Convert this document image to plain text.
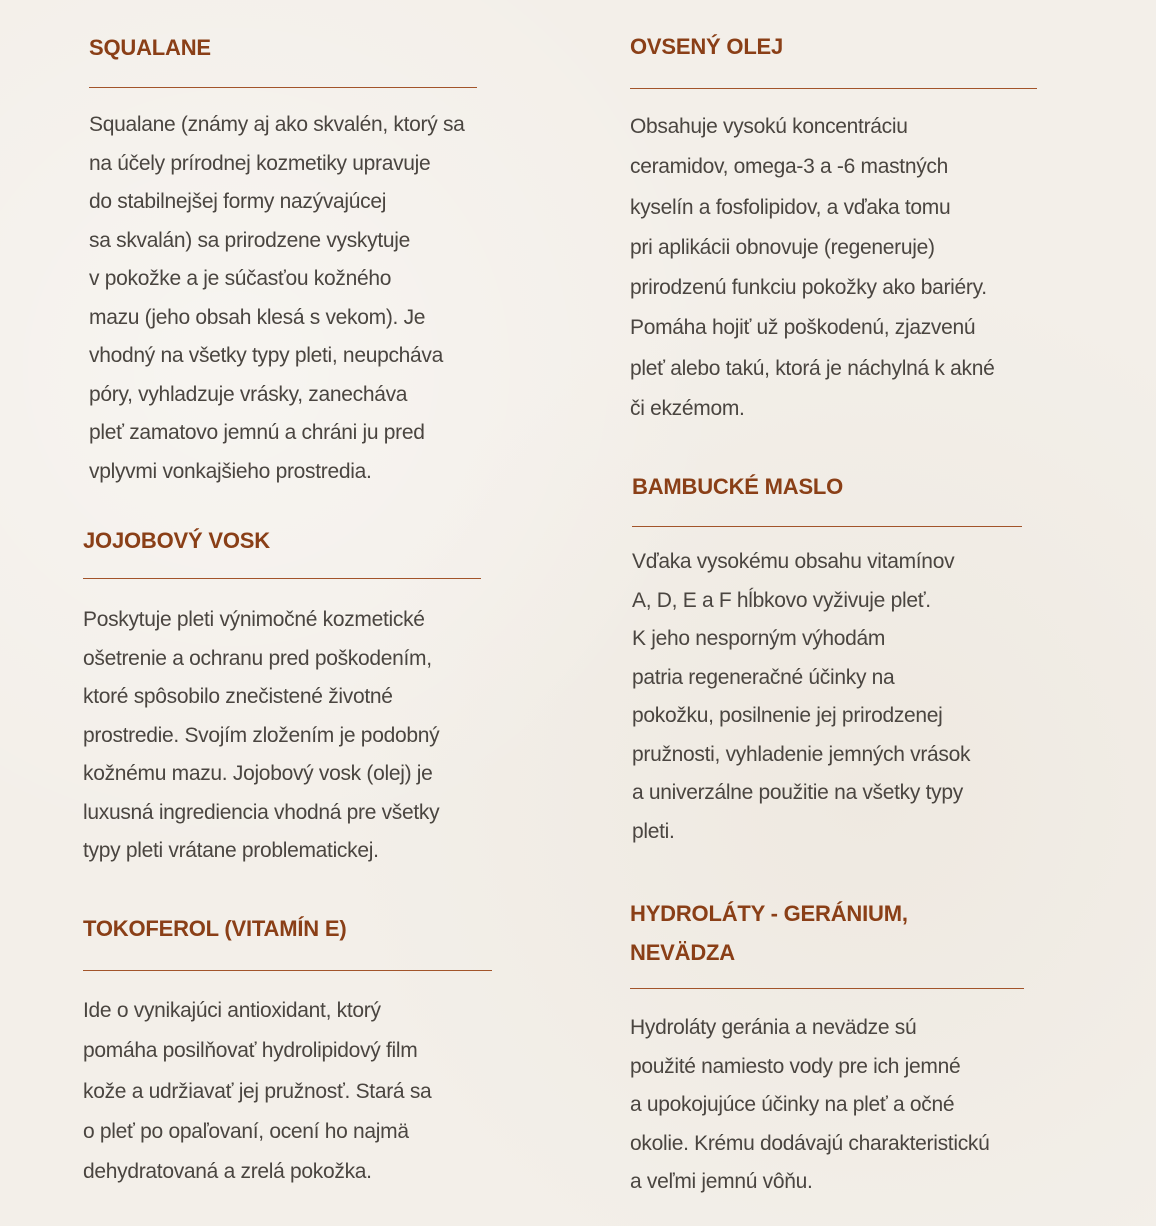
SQUALANE

Squalane (známy aj ako skvalén, ktorý sa
na účely prírodnej kozmetiky upravuje
do stabilnejšej formy nazývajúcej
sa skvalán) sa prirodzene vyskytuje
v pokožke a je súčasťou kožného
mazu (jeho obsah klesá s vekom). Je
vhodný na všetky typy pleti, neupcháva
póry, vyhladzuje vrásky, zanecháva
pleť zamatovo jemnú a chráni ju pred
vplyvmi vonkajšieho prostredia.

JOJOBOVÝ VOSK

Poskytuje pleti výnimočné kozmetické
ošetrenie a ochranu pred poškodením,
ktoré spôsobilo znečistené životné
prostredie. Svojím zložením je podobný
kožnému mazu. Jojobový vosk (olej) je
luxusná ingrediencia vhodná pre všetky
typy pleti vrátane problematickej.

TOKOFEROL (VITAMÍN E)

Ide o vynikajúci antioxidant, ktorý
pomáha posilňovať hydrolipidový film
kože a udržiavať jej pružnosť. Stará sa
o pleť po opaľovaní, ocení ho najmä
dehydratovaná a zrelá pokožka.

OVSENÝ OLEJ

Obsahuje vysokú koncentráciu
ceramidov, omega-3 a -6 mastných
kyselín a fosfolipidov, a vďaka tomu
pri aplikácii obnovuje (regeneruje)
prirodzenú funkciu pokožky ako bariéry.
Pomáha hojiť už poškodenú, zjazvenú
pleť alebo takú, ktorá je náchylná k akné
či ekzémom.

BAMBUCKÉ MASLO

Vďaka vysokému obsahu vitamínov
A, D, E a F hĺbkovo vyživuje pleť.
K jeho nesporným výhodám
patria regeneračné účinky na
pokožku, posilnenie jej prirodzenej
pružnosti, vyhladenie jemných vrások
a univerzálne použitie na všetky typy
pleti.

HYDROLÁTY - GERÁNIUM,
NEVÄDZA

Hydroláty geránia a nevädze sú
použité namiesto vody pre ich jemné
a upokojujúce účinky na pleť a očné
okolie. Krému dodávajú charakteristickú
a veľmi jemnú vôňu.
